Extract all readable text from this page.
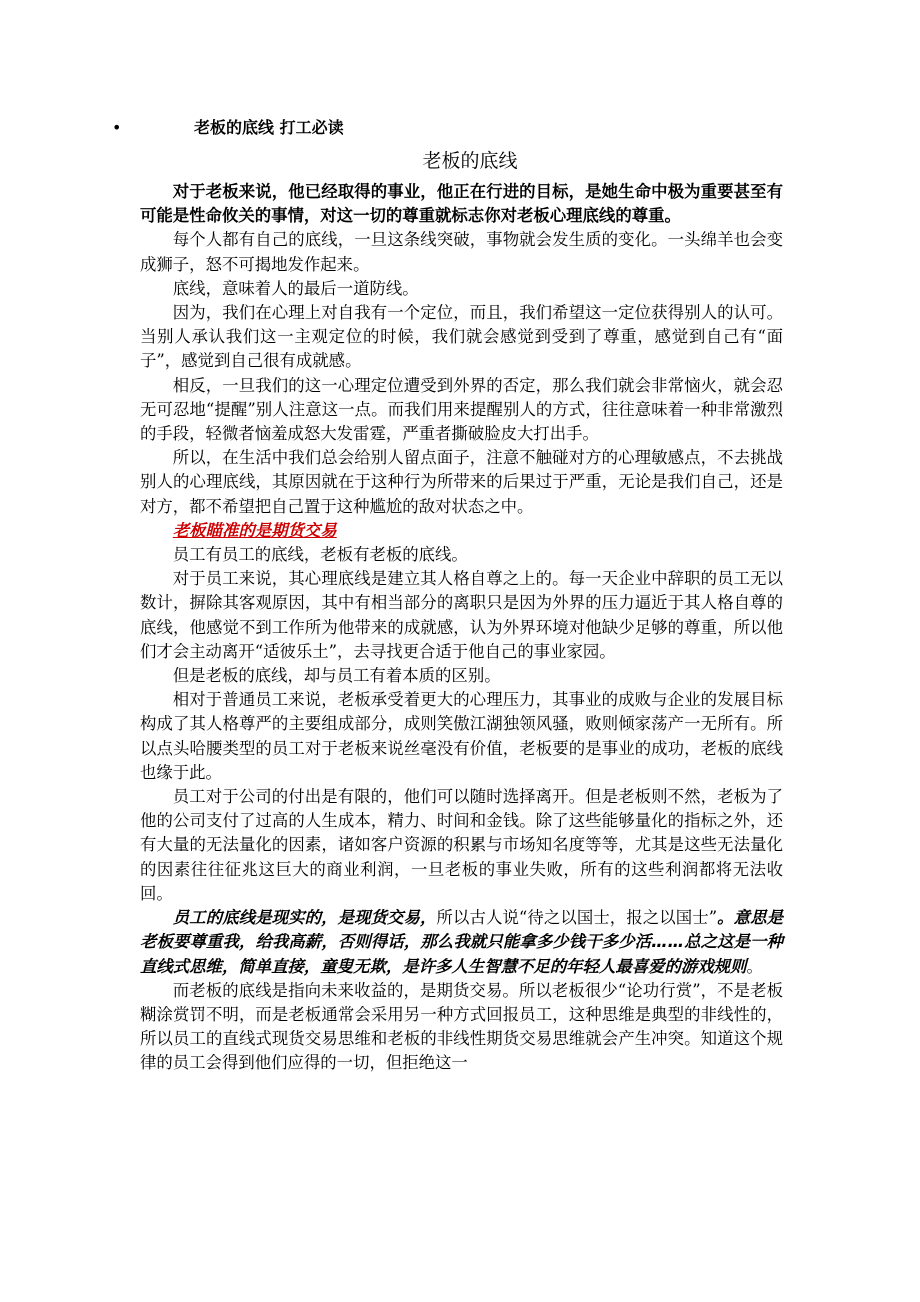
•	老板的底线 打工必读
老板的底线

对于老板来说，他已经取得的事业，他正在行进的目标，是她生命中极为重要甚至有可能是性命攸关的事情，对这一切的尊重就标志你对老板心理底线的尊重。

每个人都有自己的底线，一旦这条线突破，事物就会发生质的变化。一头绵羊也会变成狮子，怒不可揭地发作起来。

底线，意味着人的最后一道防线。

因为，我们在心理上对自我有一个定位，而且，我们希望这一定位获得别人的认可。当别人承认我们这一主观定位的时候，我们就会感觉到受到了尊重，感觉到自己有“面子”，感觉到自己很有成就感。

相反，一旦我们的这一心理定位遭受到外界的否定，那么我们就会非常恼火，就会忍无可忍地“提醒”别人注意这一点。而我们用来提醒别人的方式，往往意味着一种非常激烈的手段，轻微者恼羞成怒大发雷霆，严重者撕破脸皮大打出手。

所以，在生活中我们总会给别人留点面子，注意不触碰对方的心理敏感点，不去挑战别人的心理底线，其原因就在于这种行为所带来的后果过于严重，无论是我们自己，还是对方，都不希望把自己置于这种尴尬的敌对状态之中。

老板瞄准的是期货交易

员工有员工的底线，老板有老板的底线。

对于员工来说，其心理底线是建立其人格自尊之上的。每一天企业中辞职的员工无以数计，摒除其客观原因，其中有相当部分的离职只是因为外界的压力逼近于其人格自尊的底线，他感觉不到工作所为他带来的成就感，认为外界环境对他缺少足够的尊重，所以他们才会主动离开“适彼乐土”，去寻找更合适于他自己的事业家园。

但是老板的底线，却与员工有着本质的区别。

相对于普通员工来说，老板承受着更大的心理压力，其事业的成败与企业的发展目标构成了其人格尊严的主要组成部分，成则笑傲江湖独领风骚，败则倾家荡产一无所有。所以点头哈腰类型的员工对于老板来说丝毫没有价值，老板要的是事业的成功，老板的底线也缘于此。

员工对于公司的付出是有限的，他们可以随时选择离开。但是老板则不然，老板为了他的公司支付了过高的人生成本，精力、时间和金钱。除了这些能够量化的指标之外，还有大量的无法量化的因素，诸如客户资源的积累与市场知名度等等，尤其是这些无法量化的因素往往征兆这巨大的商业利润，一旦老板的事业失败，所有的这些利润都将无法收回。

员工的底线是现实的，是现货交易，所以古人说“待之以国士，报之以国士”。意思是老板要尊重我，给我高薪，否则得话，那么我就只能拿多少钱干多少活……总之这是一种直线式思维，简单直接，童叟无欺，是许多人生智慧不足的年轻人最喜爱的游戏规则。

而老板的底线是指向未来收益的，是期货交易。所以老板很少“论功行赏”，不是老板糊涂赏罚不明，而是老板通常会采用另一种方式回报员工，这种思维是典型的非线性的，所以员工的直线式现货交易思维和老板的非线性期货交易思维就会产生冲突。知道这个规律的员工会得到他们应得的一切，但拒绝这一
